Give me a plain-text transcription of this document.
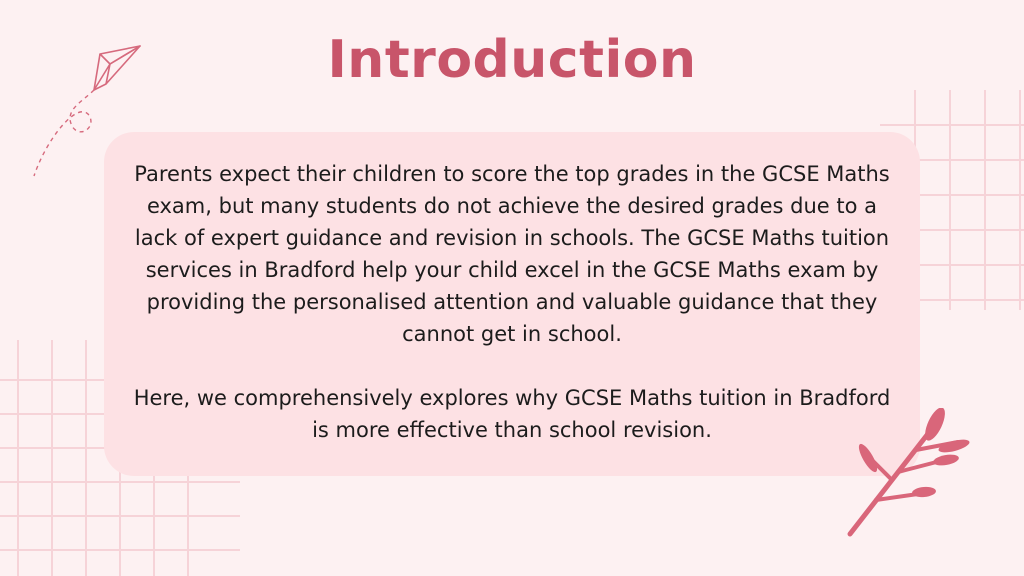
Introduction

Parents expect their children to score the top grades in the GCSE Maths exam, but many students do not achieve the desired grades due to a lack of expert guidance and revision in schools. The GCSE Maths tuition services in Bradford help your child excel in the GCSE Maths exam by providing the personalised attention and valuable guidance that they cannot get in school.

Here, we comprehensively explores why GCSE Maths tuition in Bradford is more effective than school revision.
